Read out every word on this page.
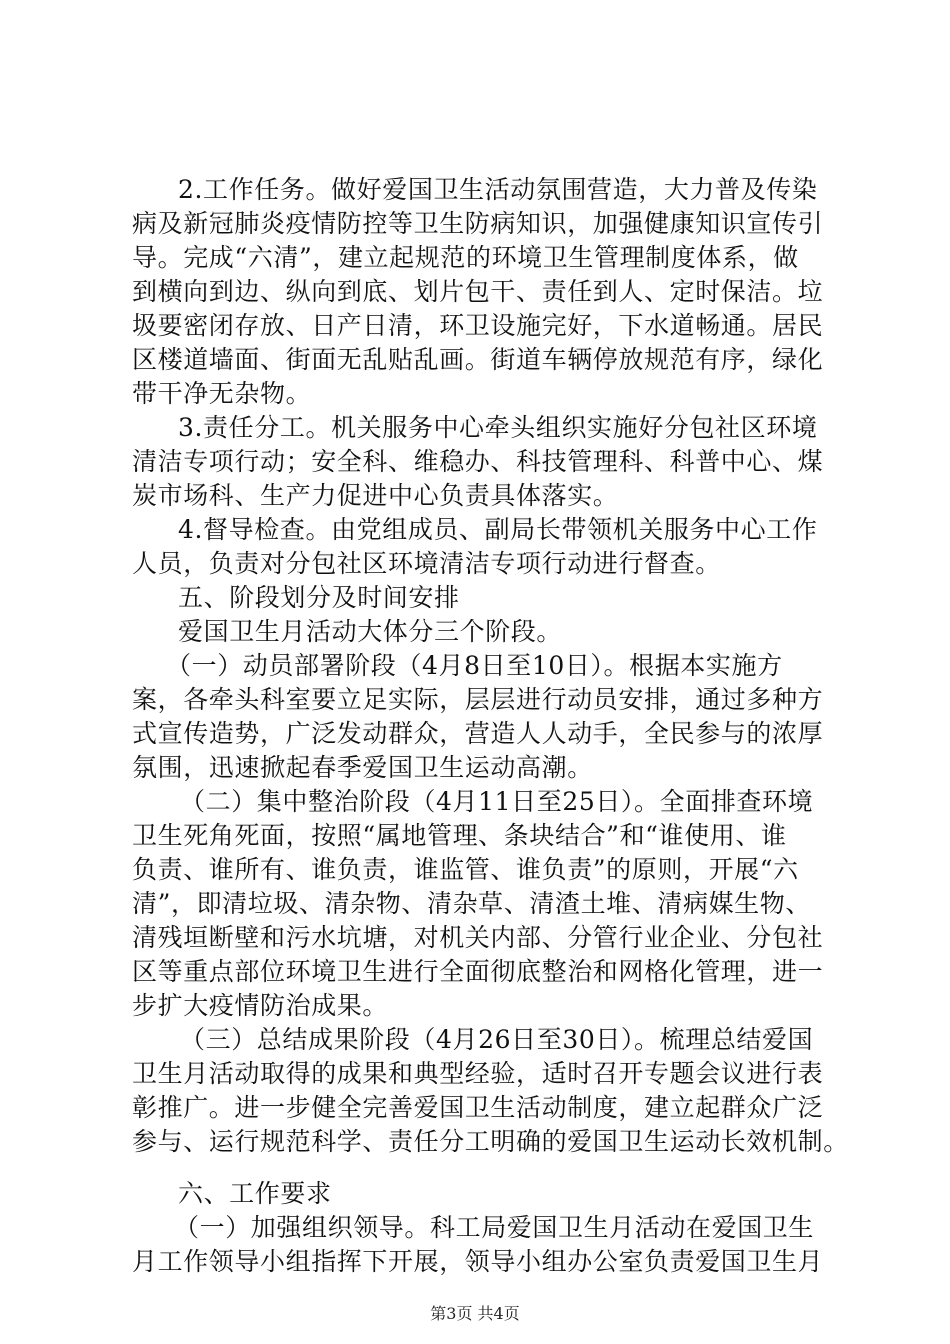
2.工作任务。做好爱国卫生活动氛围营造，大力普及传染
病及新冠肺炎疫情防控等卫生防病知识，加强健康知识宣传引
导。完成“六清”，建立起规范的环境卫生管理制度体系，做
到横向到边、纵向到底、划片包干、责任到人、定时保洁。垃
圾要密闭存放、日产日清，环卫设施完好，下水道畅通。居民
区楼道墙面、街面无乱贴乱画。街道车辆停放规范有序，绿化
带干净无杂物。
3.责任分工。机关服务中心牵头组织实施好分包社区环境
清洁专项行动；安全科、维稳办、科技管理科、科普中心、煤
炭市场科、生产力促进中心负责具体落实。
4.督导检查。由党组成员、副局长带领机关服务中心工作
人员，负责对分包社区环境清洁专项行动进行督查。
五、阶段划分及时间安排
爱国卫生月活动大体分三个阶段。
（一）动员部署阶段（4月8日至10日）。根据本实施方
案，各牵头科室要立足实际，层层进行动员安排，通过多种方
式宣传造势，广泛发动群众，营造人人动手，全民参与的浓厚
氛围，迅速掀起春季爱国卫生运动高潮。
（二）集中整治阶段（4月11日至25日）。全面排查环境
卫生死角死面，按照“属地管理、条块结合”和“谁使用、谁
负责、谁所有、谁负责，谁监管、谁负责”的原则，开展“六
清”，即清垃圾、清杂物、清杂草、清渣土堆、清病媒生物、
清残垣断壁和污水坑塘，对机关内部、分管行业企业、分包社
区等重点部位环境卫生进行全面彻底整治和网格化管理，进一
步扩大疫情防治成果。
（三）总结成果阶段（4月26日至30日）。梳理总结爱国
卫生月活动取得的成果和典型经验，适时召开专题会议进行表
彰推广。进一步健全完善爱国卫生活动制度，建立起群众广泛
参与、运行规范科学、责任分工明确的爱国卫生运动长效机制。
六、工作要求
（一）加强组织领导。科工局爱国卫生月活动在爱国卫生
月工作领导小组指挥下开展，领导小组办公室负责爱国卫生月
第3页 共4页
